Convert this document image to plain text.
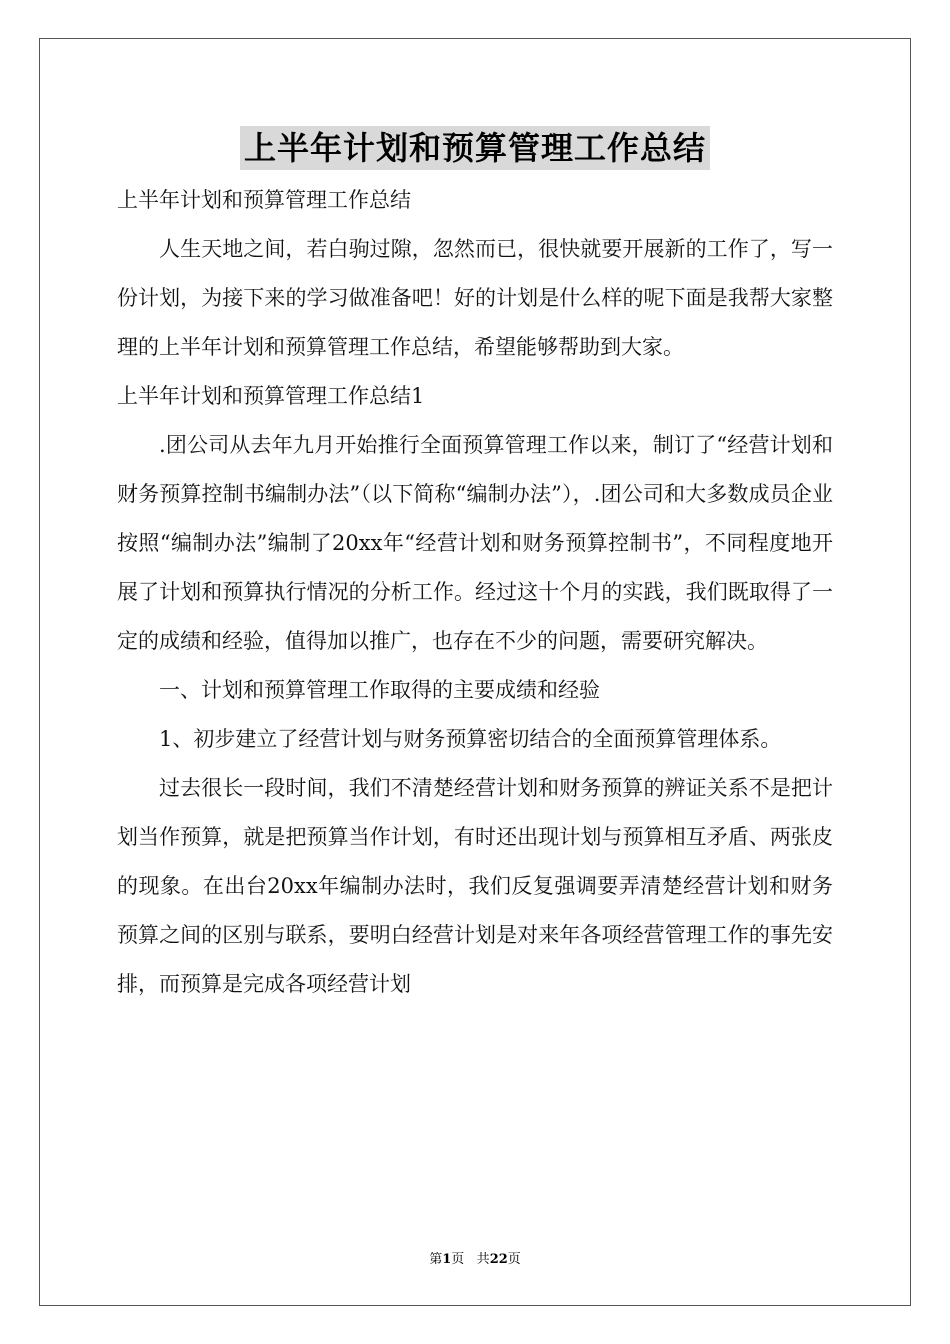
上半年计划和预算管理工作总结

上半年计划和预算管理工作总结

人生天地之间，若白驹过隙，忽然而已，很快就要开展新的工作了，写一份计划，为接下来的学习做准备吧！好的计划是什么样的呢下面是我帮大家整理的上半年计划和预算管理工作总结，希望能够帮助到大家。

上半年计划和预算管理工作总结1

.团公司从去年九月开始推行全面预算管理工作以来，制订了“经营计划和财务预算控制书编制办法”（以下简称“编制办法”），.团公司和大多数成员企业按照“编制办法”编制了20xx年“经营计划和财务预算控制书”，不同程度地开展了计划和预算执行情况的分析工作。经过这十个月的实践，我们既取得了一定的成绩和经验，值得加以推广，也存在不少的问题，需要研究解决。

一、计划和预算管理工作取得的主要成绩和经验

1、初步建立了经营计划与财务预算密切结合的全面预算管理体系。

过去很长一段时间，我们不清楚经营计划和财务预算的辨证关系不是把计划当作预算，就是把预算当作计划，有时还出现计划与预算相互矛盾、两张皮的现象。在出台20xx年编制办法时，我们反复强调要弄清楚经营计划和财务预算之间的区别与联系，要明白经营计划是对来年各项经营管理工作的事先安排，而预算是完成各项经营计划

第1页 共22页
